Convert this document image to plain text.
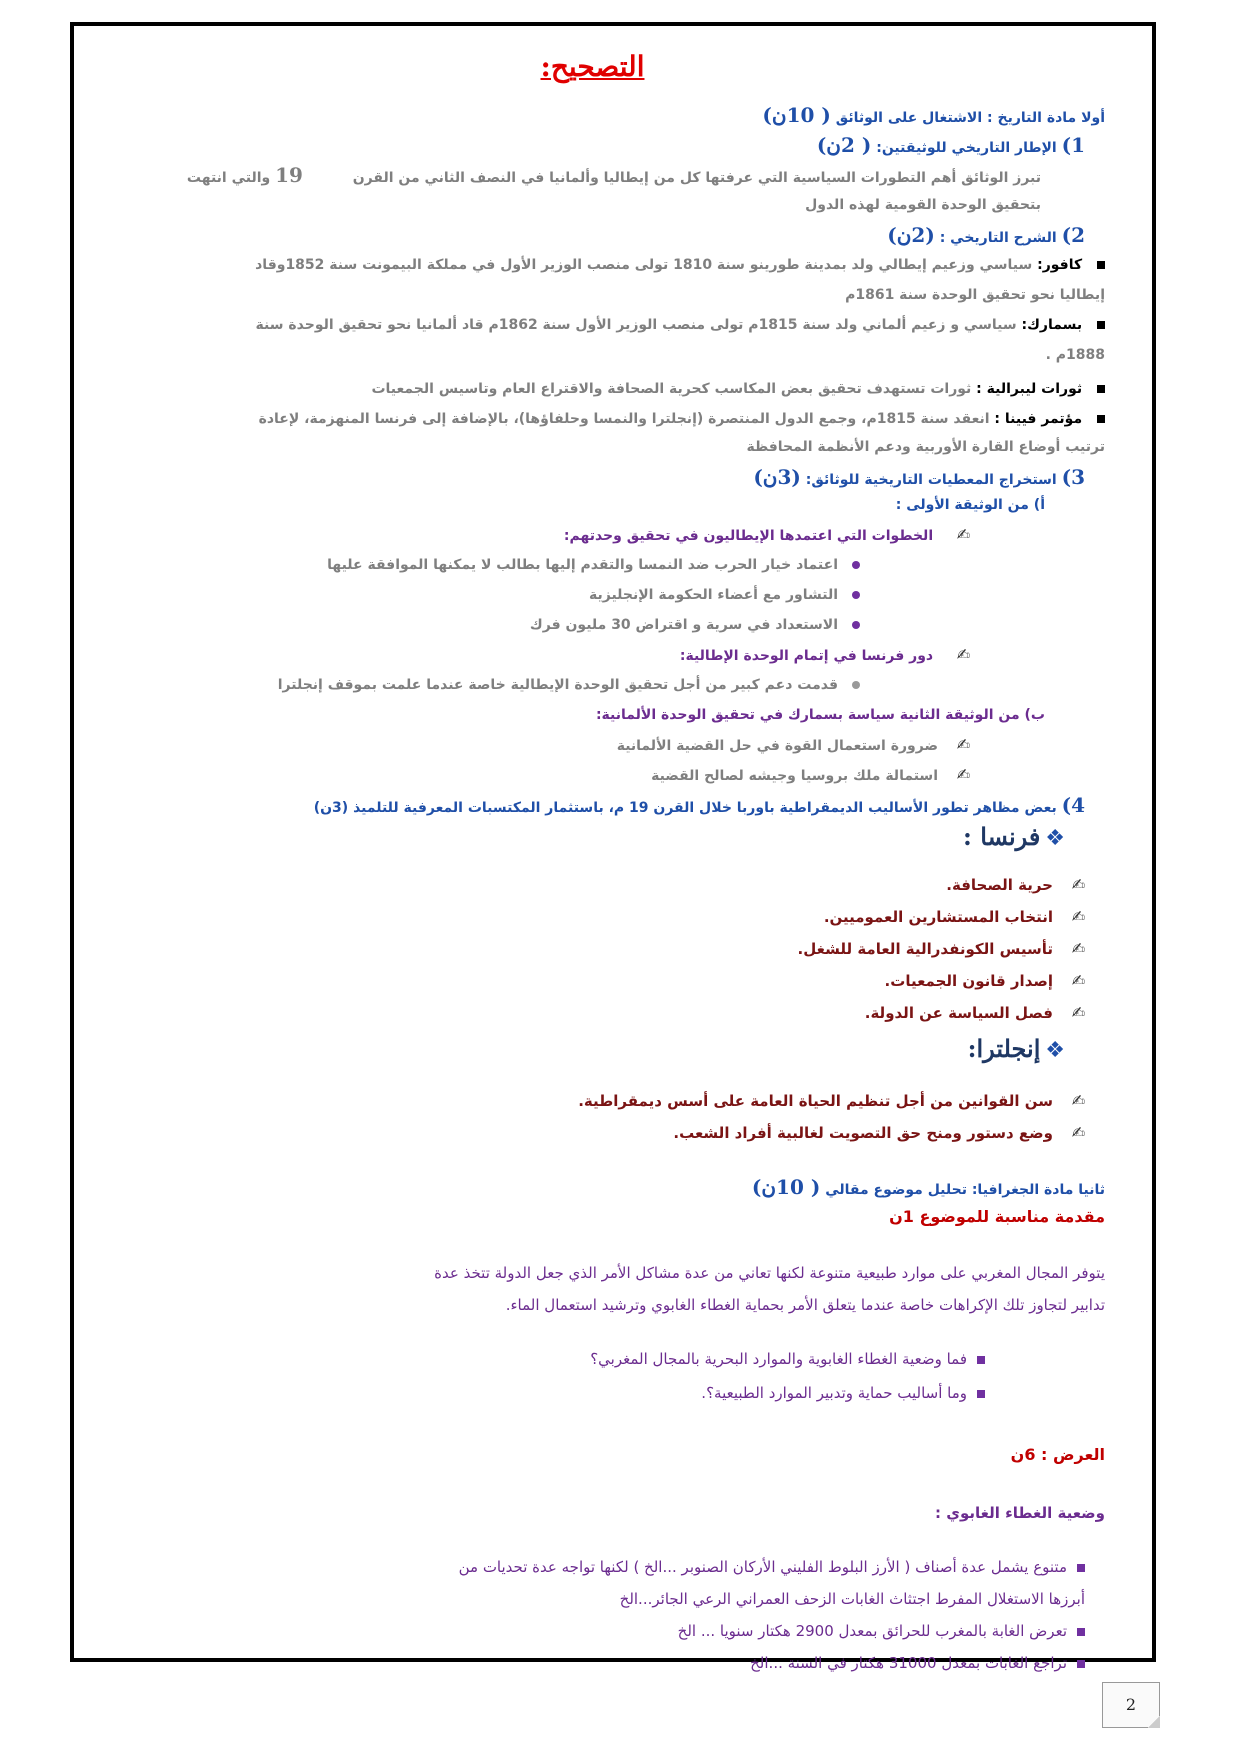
التصحيح:
أولا مادة التاريخ : الاشتغال على الوثائق ( 10ن)
1) الإطار التاريخي للوثيقتين: ( 2ن)
تبرز الوثائق أهم التطورات السياسية التي عرفتها كل من إيطاليا وألمانيا في النصف الثاني من القرن  19 والتي انتهت
بتحقيق الوحدة القومية لهذه الدول
2) الشرح التاريخي : (2ن)
كافور: سياسي وزعيم إيطالي ولد بمدينة طورينو سنة 1810 تولى منصب الوزير الأول في مملكة البيمونت سنة 1852وقاد
إيطاليا نحو تحقيق الوحدة سنة 1861م
بسمارك: سياسي و زعيم ألماني ولد سنة 1815م تولى منصب الوزير الأول سنة 1862م قاد ألمانيا نحو تحقيق الوحدة سنة
1888م .
ثورات ليبرالية : ثورات تستهدف تحقيق بعض المكاسب كحرية الصحافة والاقتراع العام وتاسيس الجمعيات
مؤتمر فيينا : انعقد سنة 1815م، وجمع الدول المنتصرة (إنجلترا والنمسا وحلفاؤها)، بالإضافة إلى فرنسا المنهزمة، لإعادة
ترتيب أوضاع القارة الأوربية ودعم الأنظمة المحافظة
3) استخراج المعطيات التاريخية للوثائق: (3ن)
أ) من الوثيقة الأولى :
✍ الخطوات التي اعتمدها الإيطاليون في تحقيق وحدتهم:
اعتماد خيار الحرب ضد النمسا والتقدم إليها بطالب لا يمكنها الموافقة عليها
التشاور مع أعضاء الحكومة الإنجليزية
الاستعداد في سرية و اقتراض 30 مليون فرك
✍ دور فرنسا في إتمام الوحدة الإطالية:
قدمت دعم كبير من أجل تحقيق الوحدة الإيطالية خاصة عندما علمت بموقف إنجلترا
ب) من الوثيقة الثانية سياسة بسمارك في تحقيق الوحدة الألمانية:
✍ضرورة استعمال القوة في حل القضية الألمانية
✍استمالة ملك بروسيا وجيشه لصالح القضية
4) بعض مظاهر تطور الأساليب الديمقراطية باوربا خلال القرن 19 م، باستثمار المكتسبات المعرفية للتلميذ (3ن)
❖ فرنسا :
✍حرية الصحافة.
✍انتخاب المستشارين العموميين.
✍تأسيس الكونفدرالية العامة للشغل.
✍إصدار قانون الجمعيات.
✍فصل السياسة عن الدولة.
❖ إنجلترا:
✍سن القوانين من أجل تنظيم الحياة العامة على أسس ديمقراطية.
✍وضع دستور ومنح حق التصويت لغالبية أفراد الشعب.
ثانيا مادة الجغرافيا: تحليل موضوع مقالي ( 10ن)
مقدمة مناسبة للموضوع 1ن
يتوفر المجال المغربي على موارد طبيعية متنوعة لكنها تعاني من عدة مشاكل الأمر الذي جعل الدولة تتخذ عدة
تدابير لتجاوز تلك الإكراهات خاصة عندما يتعلق الأمر بحماية الغطاء الغابوي وترشيد استعمال الماء.
فما وضعية الغطاء الغابوية والموارد البحرية بالمجال المغربي؟
وما أساليب حماية وتدبير الموارد الطبيعية؟.
العرض : 6ن
وضعية الغطاء الغابوي :
متنوع يشمل عدة أصناف ( الأرز البلوط الفليني الأركان الصنوبر ...الخ ) لكنها تواجه عدة تحديات من
أبرزها الاستغلال المفرط اجتثاث الغابات الزحف العمراني الرعي الجائر...الخ
تعرض الغابة بالمغرب للحرائق بمعدل 2900 هكتار سنويا ... الخ
تراجع الغابات بمعدل 31000 هكتار في السنة ...الخ
2
